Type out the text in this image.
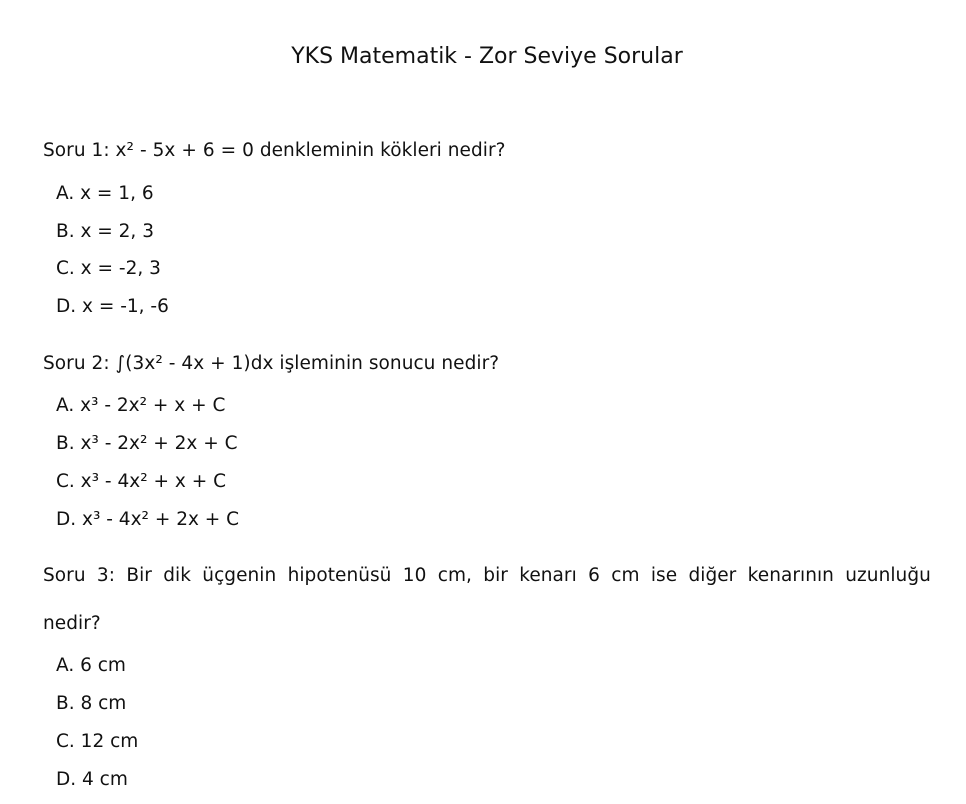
YKS Matematik - Zor Seviye Sorular
Soru 1: x² - 5x + 6 = 0 denkleminin kökleri nedir?
A. x = 1, 6
B. x = 2, 3
C. x = -2, 3
D. x = -1, -6
Soru 2: ∫(3x² - 4x + 1)dx işleminin sonucu nedir?
A. x³ - 2x² + x + C
B. x³ - 2x² + 2x + C
C. x³ - 4x² + x + C
D. x³ - 4x² + 2x + C
Soru 3: Bir dik üçgenin hipotenüsü 10 cm, bir kenarı 6 cm ise diğer kenarının uzunluğu
nedir?
A. 6 cm
B. 8 cm
C. 12 cm
D. 4 cm
